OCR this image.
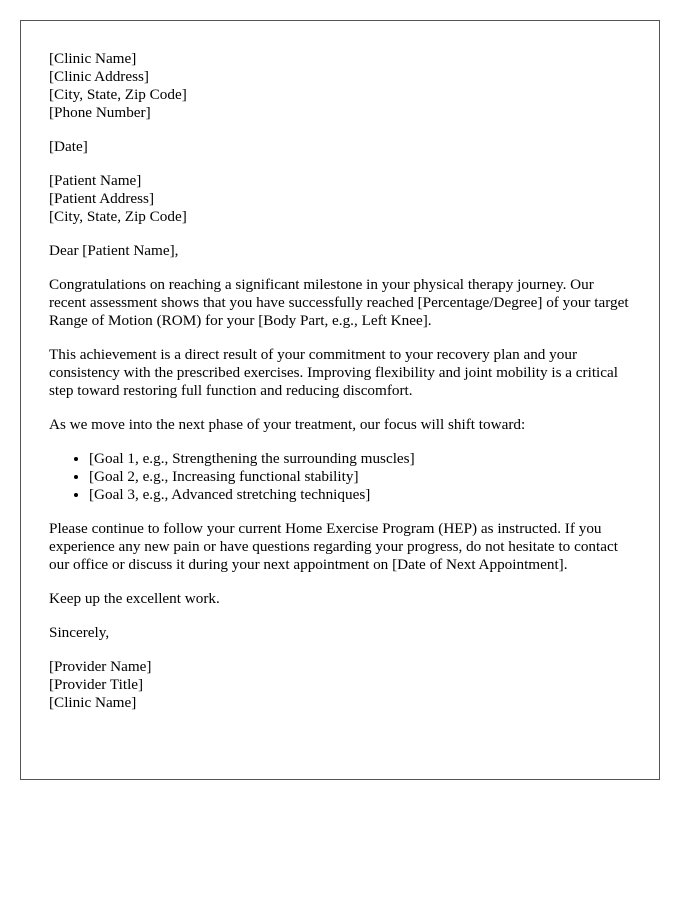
[Clinic Name]
[Clinic Address]
[City, State, Zip Code]
[Phone Number]
[Date]
[Patient Name]
[Patient Address]
[City, State, Zip Code]

Dear [Patient Name],

Congratulations on reaching a significant milestone in your physical therapy journey. Our recent assessment shows that you have successfully reached [Percentage/Degree] of your target Range of Motion (ROM) for your [Body Part, e.g., Left Knee].

This achievement is a direct result of your commitment to your recovery plan and your consistency with the prescribed exercises. Improving flexibility and joint mobility is a critical step toward restoring full function and reducing discomfort.

As we move into the next phase of your treatment, our focus will shift toward:

• [Goal 1, e.g., Strengthening the surrounding muscles]
• [Goal 2, e.g., Increasing functional stability]
• [Goal 3, e.g., Advanced stretching techniques]

Please continue to follow your current Home Exercise Program (HEP) as instructed. If you experience any new pain or have questions regarding your progress, do not hesitate to contact our office or discuss it during your next appointment on [Date of Next Appointment].

Keep up the excellent work.

Sincerely,

[Provider Name]
[Provider Title]
[Clinic Name]
